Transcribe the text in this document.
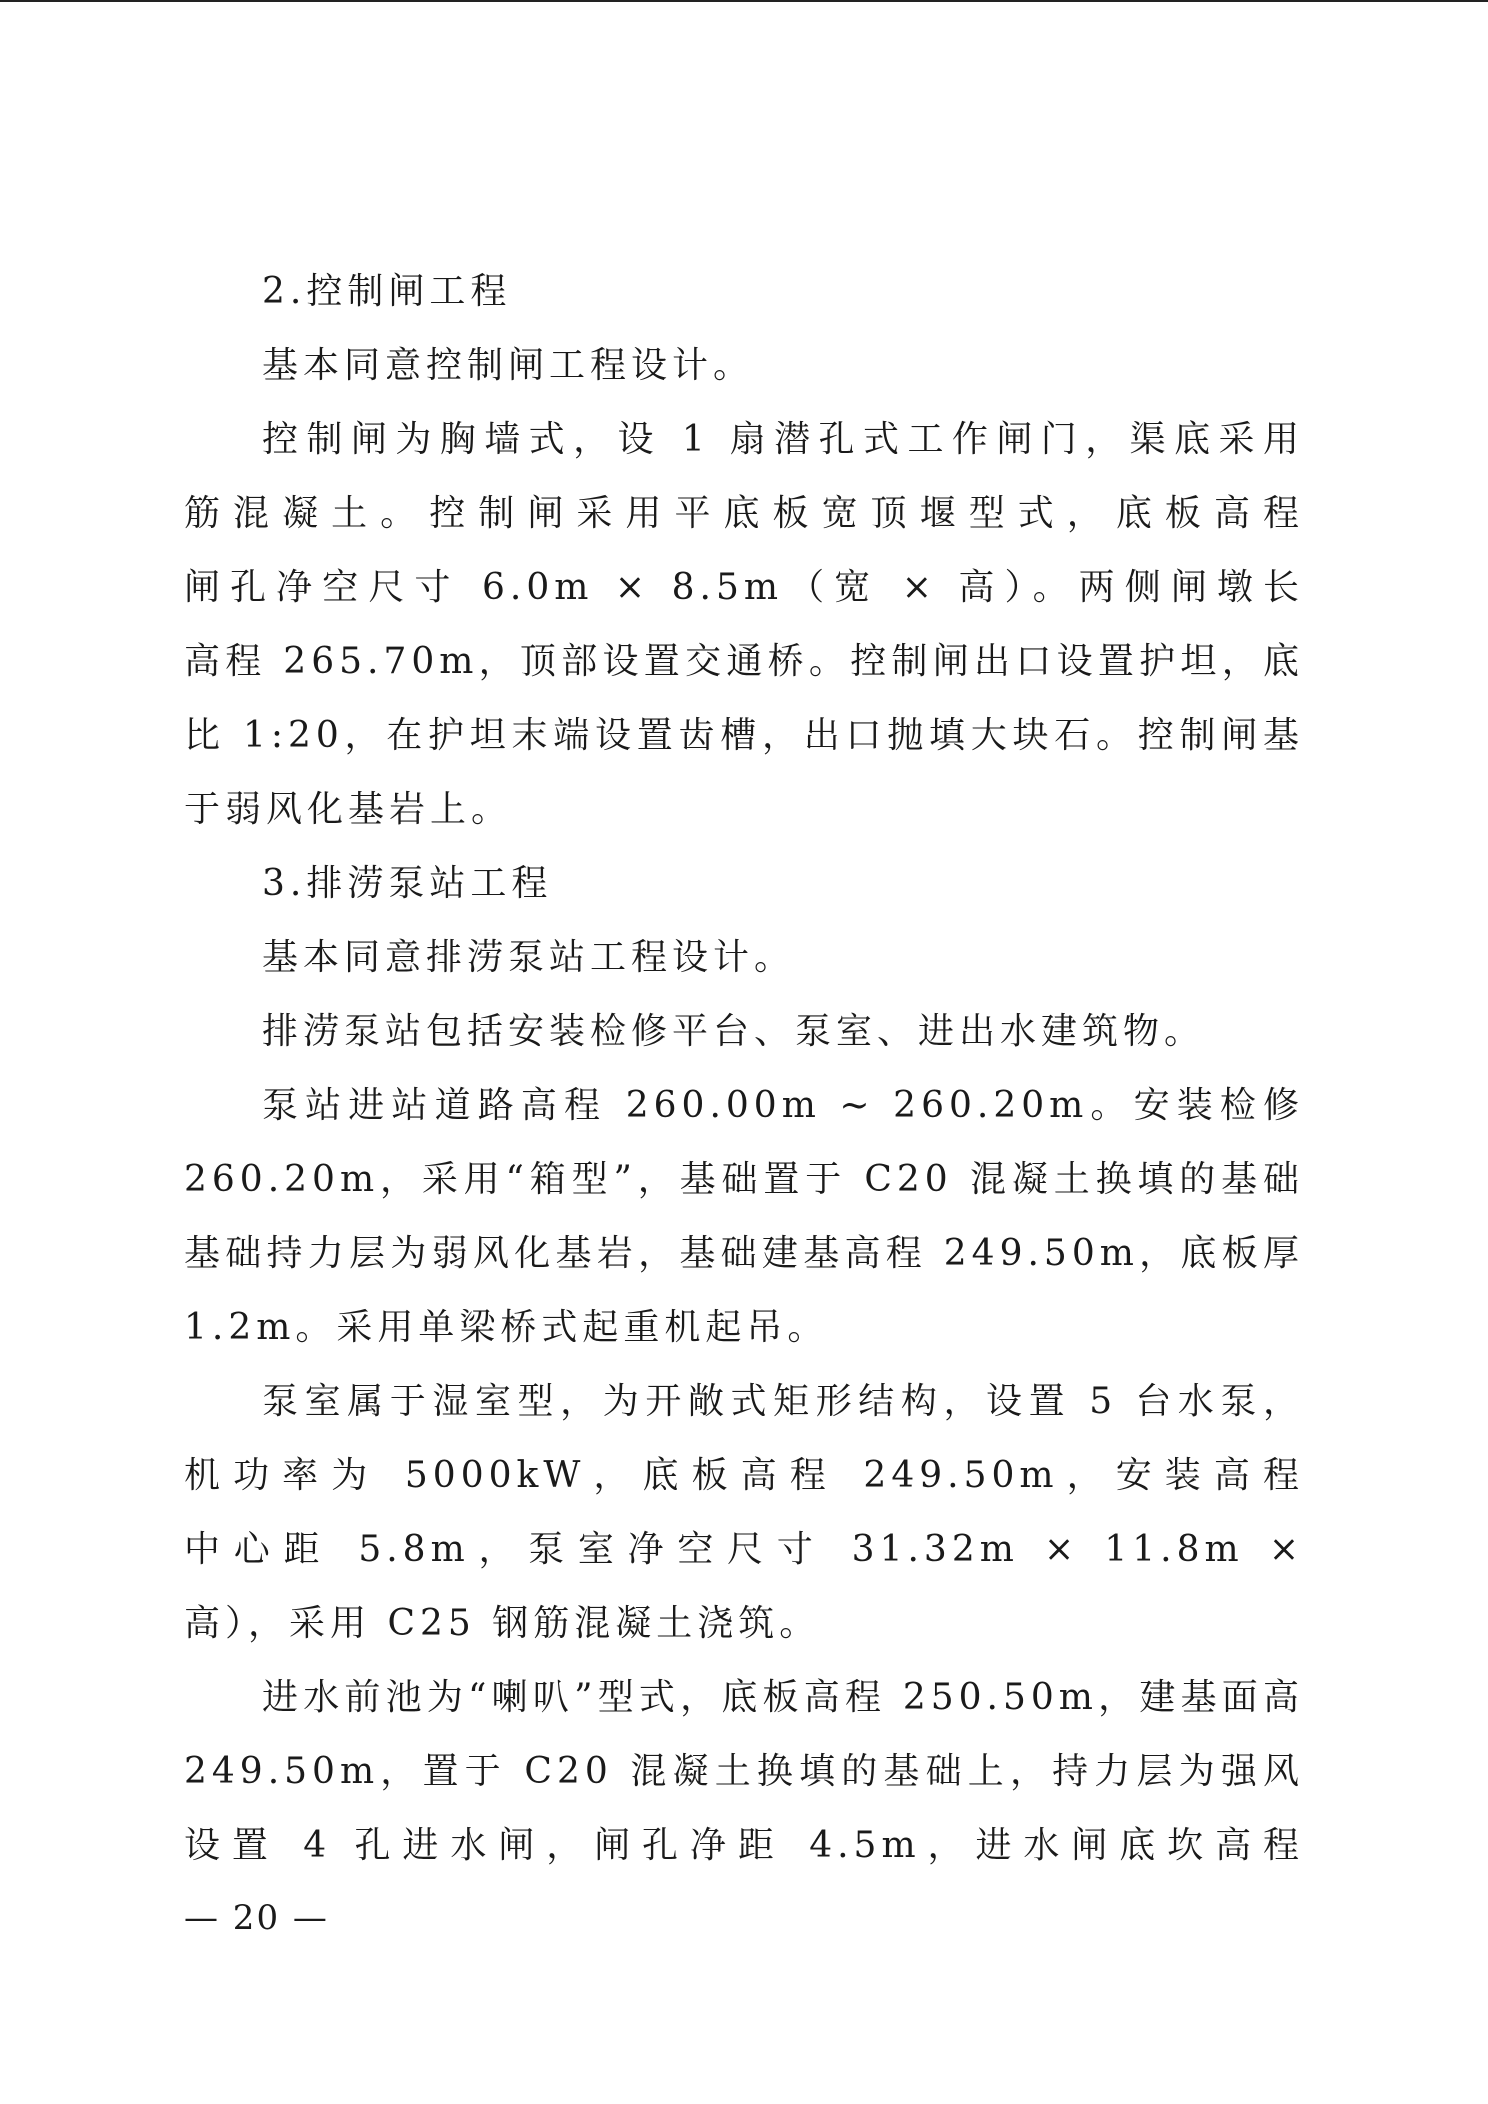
2.控制闸工程
基本同意控制闸工程设计。
控制闸为胸墙式，设 1 扇潜孔式工作闸门，渠底采用
筋混凝土。控制闸采用平底板宽顶堰型式，底板高程
闸孔净空尺寸 6.0m × 8.5m（宽 × 高）。两侧闸墩长
高程 265.70m，顶部设置交通桥。控制闸出口设置护坦，底
比 1:20，在护坦末端设置齿槽，出口抛填大块石。控制闸基
于弱风化基岩上。
3.排涝泵站工程
基本同意排涝泵站工程设计。
排涝泵站包括安装检修平台、泵室、进出水建筑物。
泵站进站道路高程 260.00m ~ 260.20m。安装检修
260.20m，采用“箱型”，基础置于 C20 混凝土换填的基础
基础持力层为弱风化基岩，基础建基高程 249.50m，底板厚
1.2m。采用单梁桥式起重机起吊。
泵室属于湿室型，为开敞式矩形结构，设置 5 台水泵，
机功率为 5000kW，底板高程 249.50m，安装高程
中心距 5.8m，泵室净空尺寸 31.32m × 11.8m ×
高），采用 C25 钢筋混凝土浇筑。
进水前池为“喇叭”型式，底板高程 250.50m，建基面高
249.50m，置于 C20 混凝土换填的基础上，持力层为强风
设置 4 孔进水闸，闸孔净距 4.5m，进水闸底坎高程
— 20 —
